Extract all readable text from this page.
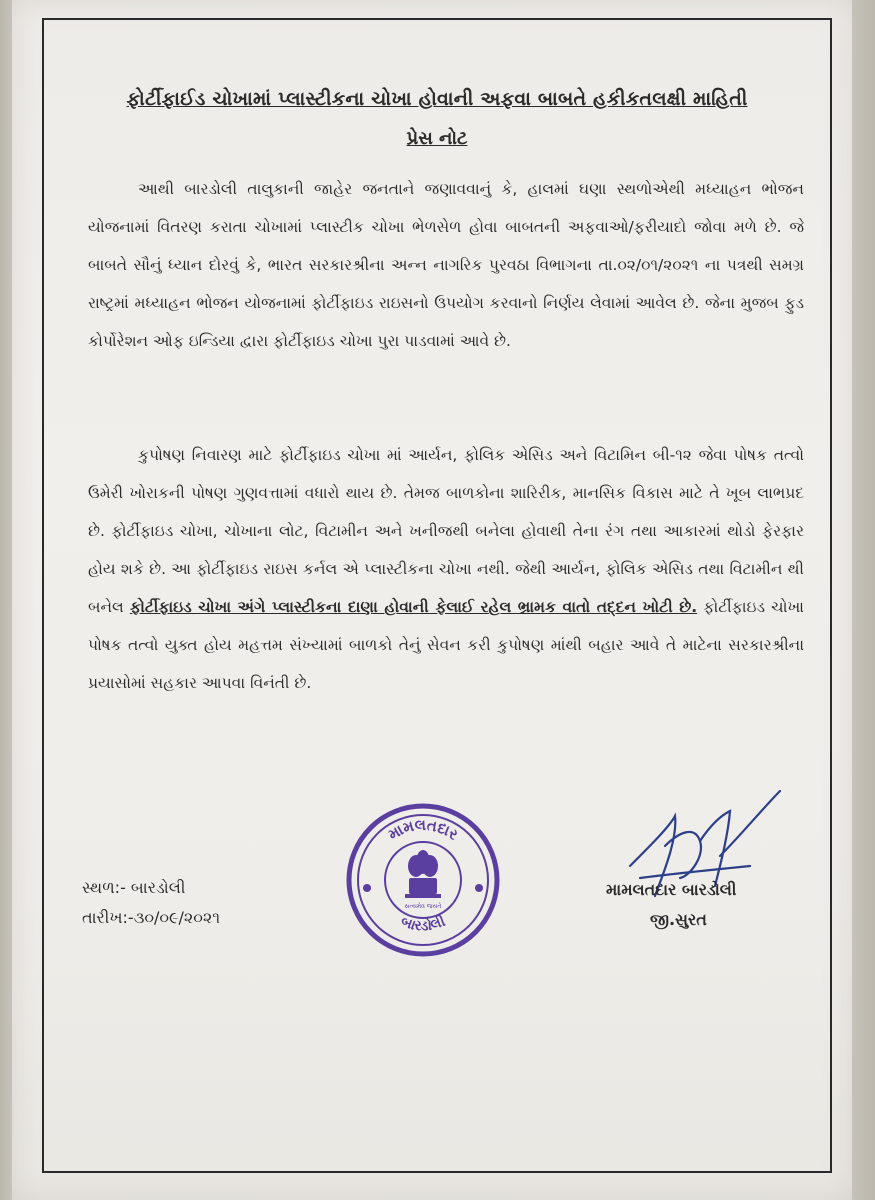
ફોર્ટીફાઈડ ચોખામાં પ્લાસ્ટીકના ચોખા હોવાની અફવા બાબતે હકીકતલક્ષી માહિતી
પ્રેસ નોટ
આથી બારડોલી તાલુકાની જાહેર જનતાને જણાવવાનું કે, હાલમાં ઘણા સ્થળોએથી મધ્યાહન ભોજન યોજનામાં વિતરણ કરાતા ચોખામાં પ્લાસ્ટીક ચોખા ભેળસેળ હોવા બાબતની અફવાઓ/ફરીયાદો જોવા મળે છે. જે બાબતે સૌનું ધ્યાન દોરવું કે, ભારત સરકારશ્રીના અન્ન નાગરિક પુરવઠા વિભાગના તા.૦૨/૦૧/૨૦૨૧ ના પત્રથી સમગ્ર રાષ્ટ્રમાં મધ્યાહન ભોજન યોજનામાં ફોર્ટીફાઇડ રાઇસનો ઉપયોગ કરવાનો નિર્ણય લેવામાં આવેલ છે. જેના મુજબ ફુડ કોર્પોરેશન ઓફ ઇન્ડિયા દ્વારા ફોર્ટીફાઇડ ચોખા પુરા પાડવામાં આવે છે.
કુપોષણ નિવારણ માટે ફોર્ટીફાઇડ ચોખા માં આર્યન, ફોલિક એસિડ અને વિટામિન બી-૧૨ જેવા પોષક તત્વો ઉમેરી ખોરાકની પોષણ ગુણવત્તામાં વધારો થાય છે. તેમજ બાળકોના શારિરીક, માનસિક વિકાસ માટે તે ખૂબ લાભપ્રદ છે. ફોર્ટીફાઇડ ચોખા, ચોખાના લોટ, વિટામીન અને ખનીજથી બનેલા હોવાથી તેના રંગ તથા આકારમાં થોડો ફેરફાર હોય શકે છે. આ ફોર્ટીફાઇડ રાઇસ કર્નલ એ પ્લાસ્ટીકના ચોખા નથી. જેથી આર્યન, ફોલિક એસિડ તથા વિટામીન થી બનેલ ફોર્ટીફાઇડ ચોખા અંગે પ્લાસ્ટીકના દાણા હોવાની ફેલાઈ રહેલ ભ્રામક વાતો તદ્દન ખોટી છે. ફોર્ટીફાઇડ ચોખા પોષક તત્વો યુક્ત હોય મહત્તમ સંખ્યામાં બાળકો તેનું સેવન કરી કુપોષણ માંથી બહાર આવે તે માટેના સરકારશ્રીના પ્રયાસોમાં સહકાર આપવા વિનંતી છે.
મામલતદાર
બારડોલી
સત્યમેવ જયતે
સ્થળ:- બારડોલી
તારીખ:-૩૦/૦૯/૨૦૨૧
મામલતદાર બારડોલી
જી.સુરત
